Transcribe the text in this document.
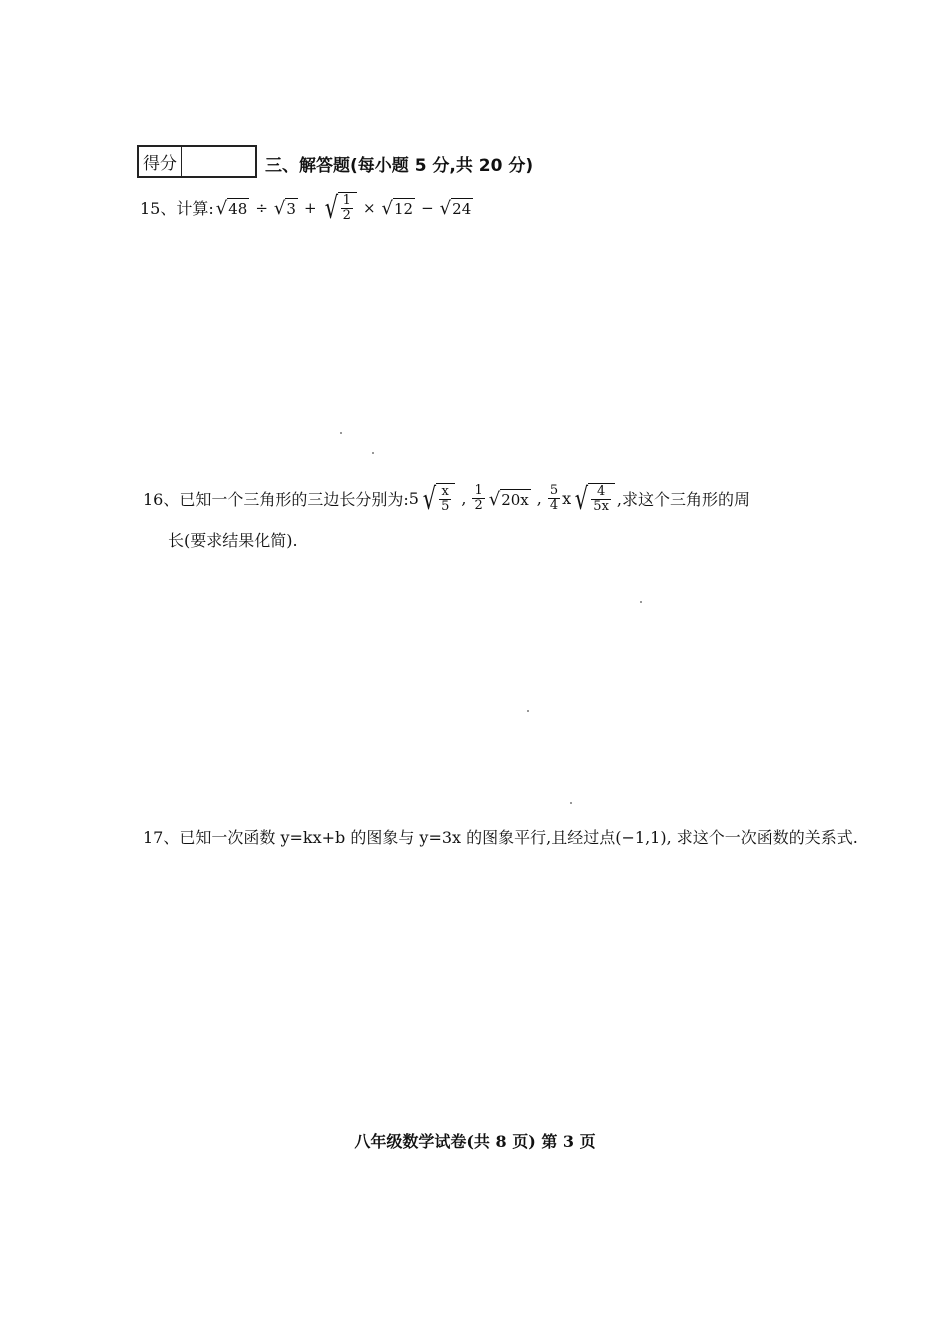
得分	三、解答题(每小题 5 分,共 20 分)
15、计算: √ 48 ÷ √ 3 + √ $\frac{1}{2}$ × √ 12 − √ 24
16、已知一个三角形的三边长分别为: 5 √ $\frac{x}{5}$ , $\frac{1}{2}$ √ 20x , $\frac{5}{4}$ x √ $\frac{4}{5x}$ ,求这个三角形的周
长(要求结果化简).
17、已知一次函数 y=kx+b 的图象与 y=3x 的图象平行,且经过点(−1,1), 求这个一次函数的关系式.
八年级数学试卷(共 8 页) 第 3 页
